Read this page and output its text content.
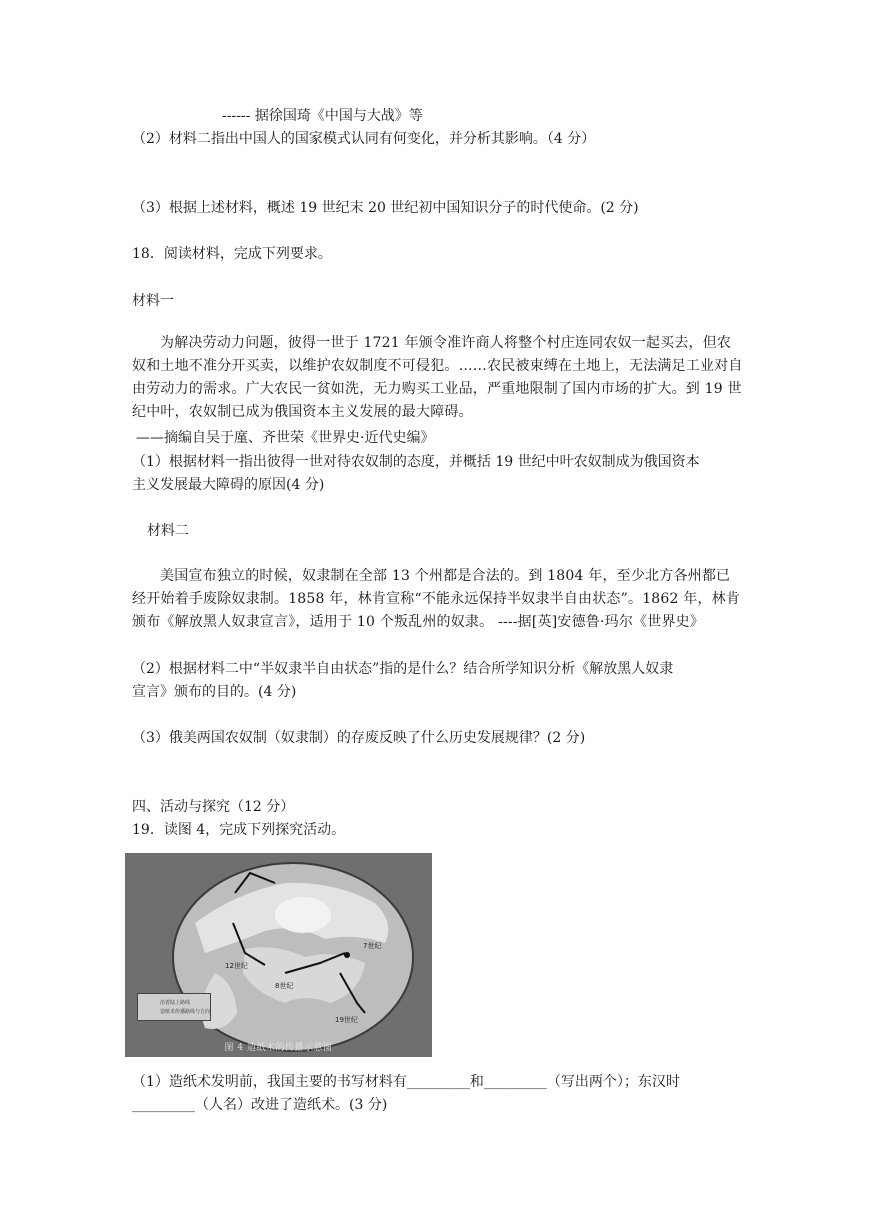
------ 据徐国琦《中国与大战》等
（2）材料二指出中国人的国家模式认同有何变化，并分析其影响。（4 分）
（3）根据上述材料，概述 19 世纪末 20 世纪初中国知识分子的时代使命。(2 分)
18．阅读材料，完成下列要求。
材料一
为解决劳动力问题，彼得一世于 1721 年颁令准许商人将整个村庄连同农奴一起买去，但农奴和土地不准分开买卖，以维护农奴制度不可侵犯。……农民被束缚在土地上，无法满足工业对自由劳动力的需求。广大农民一贫如洗，无力购买工业品，严重地限制了国内市场的扩大。到 19 世纪中叶，农奴制已成为俄国资本主义发展的最大障碍。
——摘编自吴于廑、齐世荣《世界史·近代史编》
（1）根据材料一指出彼得一世对待农奴制的态度，并概括 19 世纪中叶农奴制成为俄国资本
主义发展最大障碍的原因(4 分)
材料二
美国宣布独立的时候，奴隶制在全部 13 个州都是合法的。到 1804 年，至少北方各州都已经开始着手废除奴隶制。1858 年，林肯宣称“不能永远保持半奴隶半自由状态”。1862 年，林肯颁布《解放黑人奴隶宣言》，适用于 10 个叛乱州的奴隶。 ----据[英]安德鲁·玛尔《世界史》
（2）根据材料二中“半奴隶半自由状态”指的是什么？结合所学知识分析《解放黑人奴隶
宣言》颁布的目的。(4 分)
（3）俄美两国农奴制（奴隶制）的存废反映了什么历史发展规律？(2 分)
四、活动与探究（12 分）
19．读图 4，完成下列探究活动。
12世纪
7世纪
19世纪
8世纪
沿着陆上路线
造纸术传播路线与方向
图 4 造纸术的传播示意图
（1）造纸术发明前，我国主要的书写材料有_________和_________（写出两个）；东汉时
_________（人名）改进了造纸术。(3 分)
